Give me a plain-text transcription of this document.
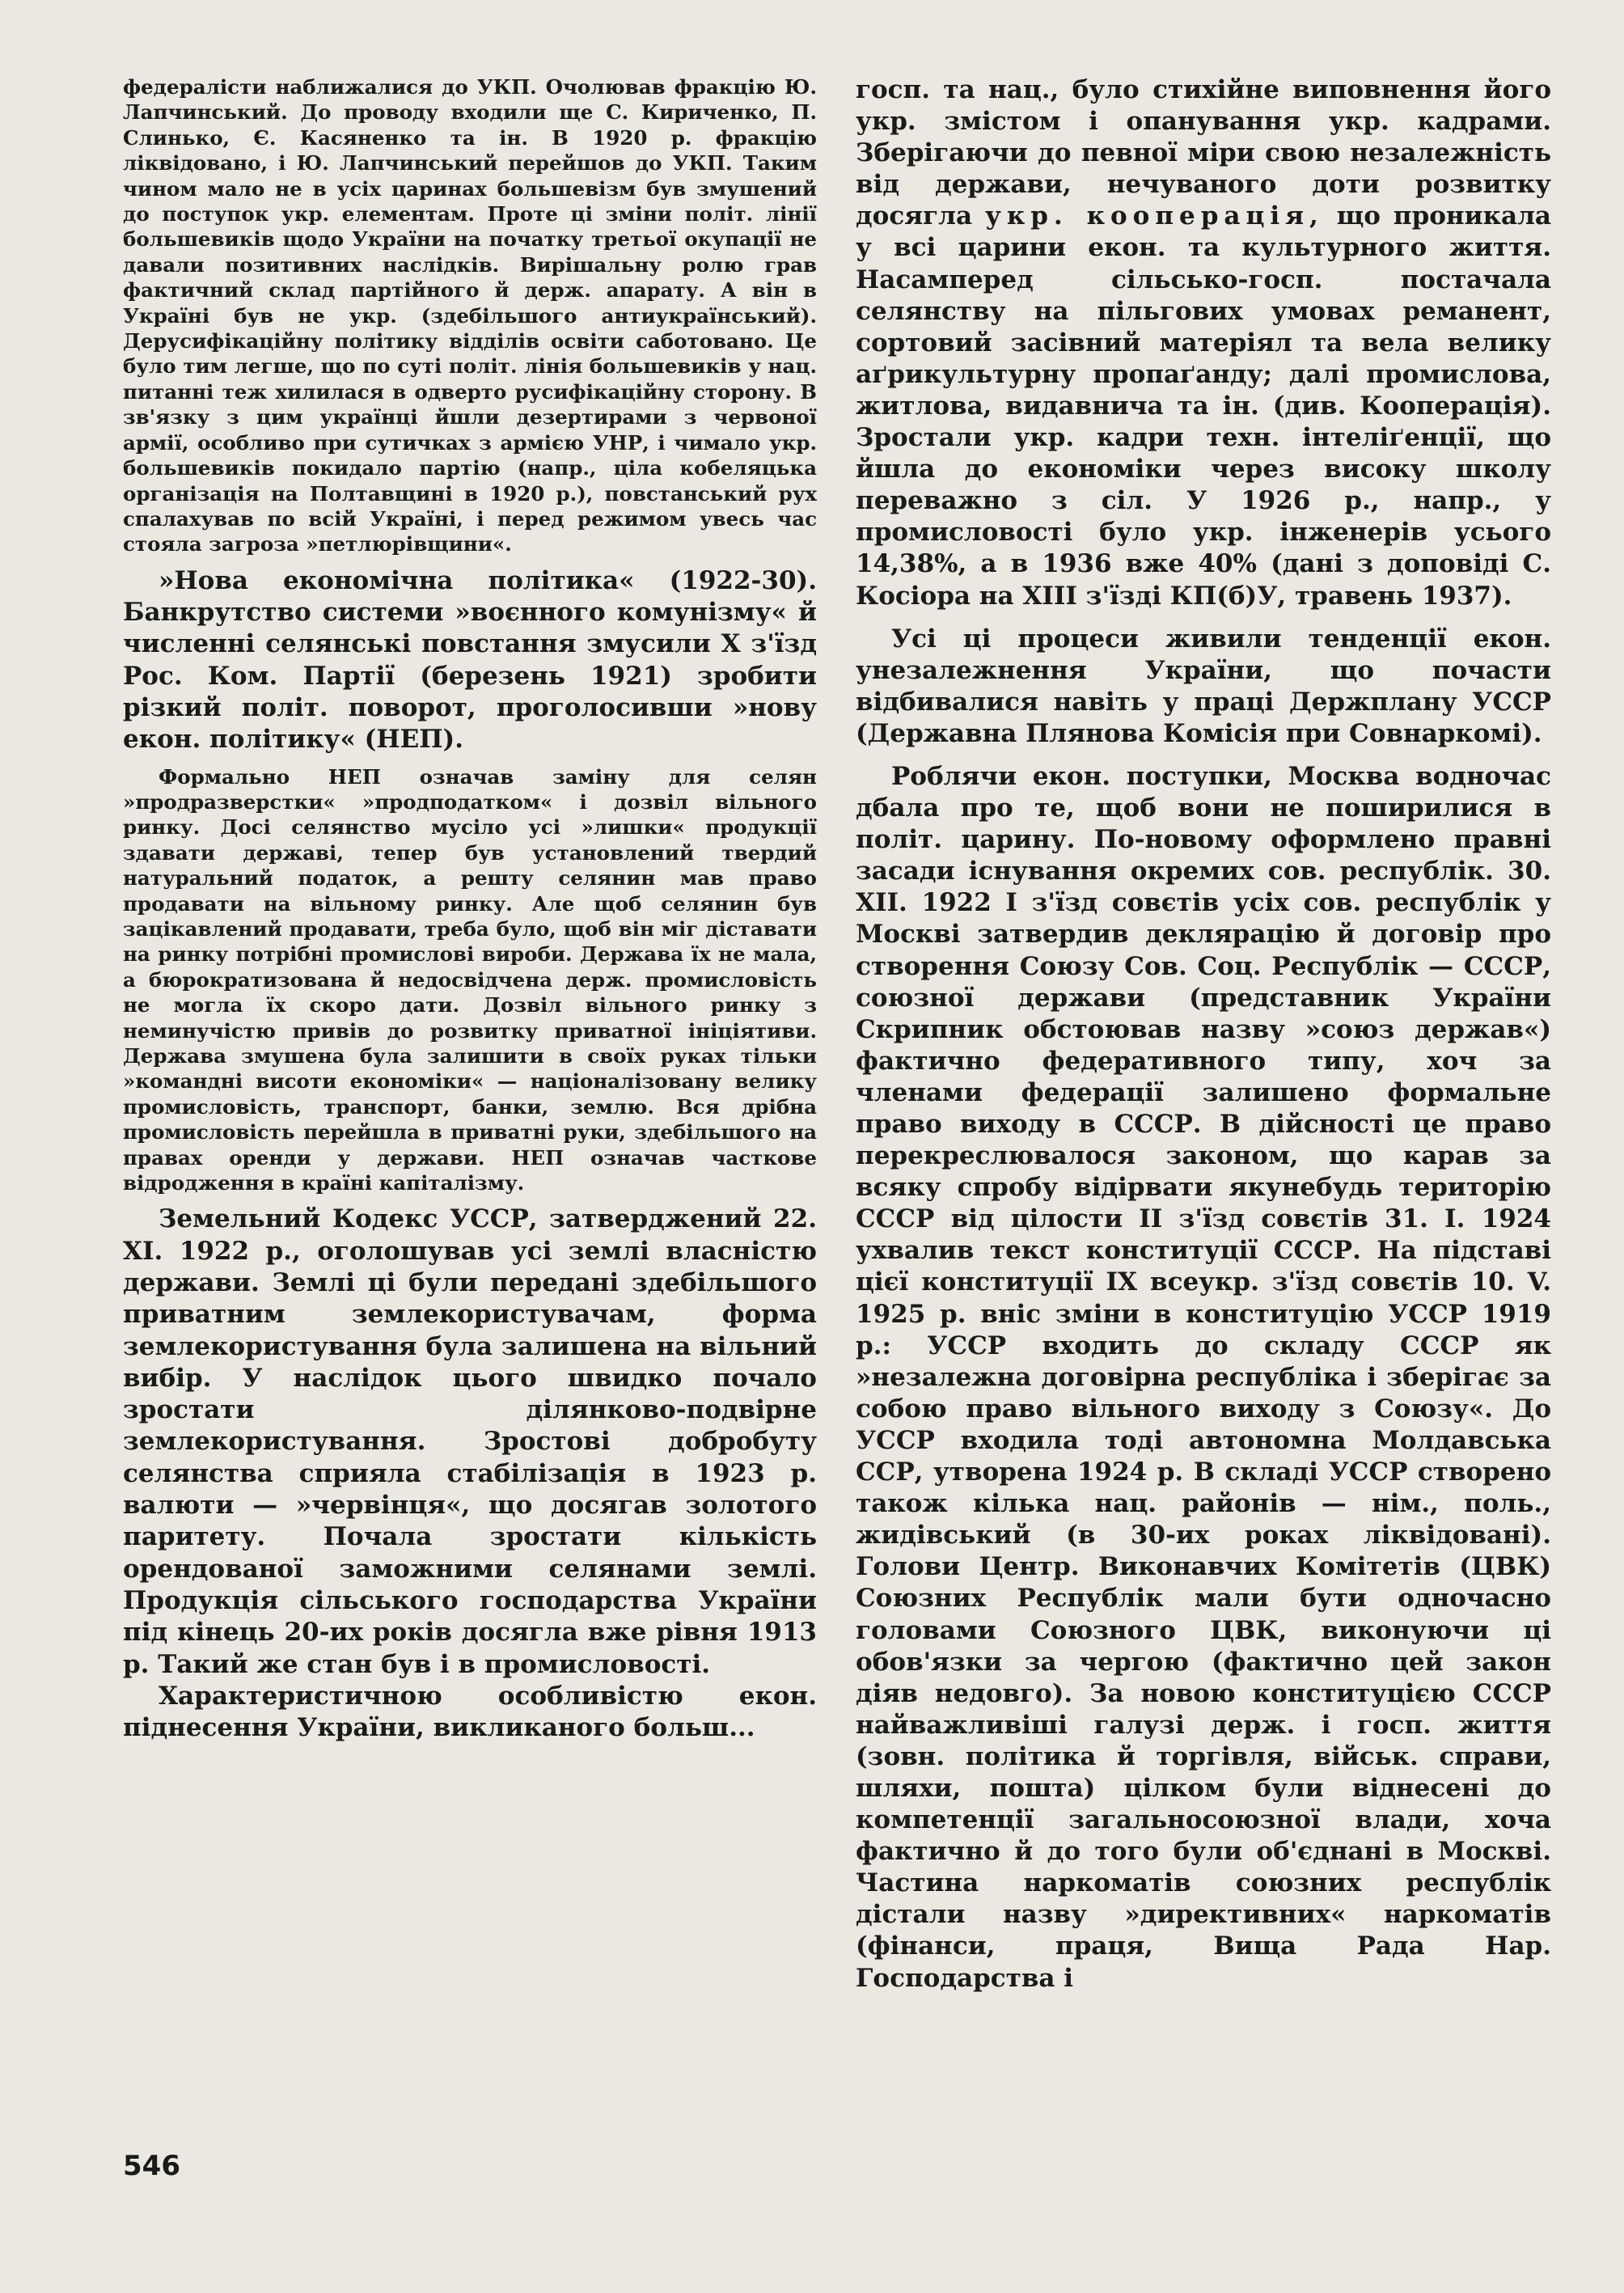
федералісти наближалися до УКП. Очолював фракцію Ю. Лапчинський. До проводу входили ще С. Кириченко, П. Слинько, Є. Касяненко та ін. В 1920 р. фракцію ліквідовано, і Ю. Лапчинський перейшов до УКП. Таким чином мало не в усіх царинах большевізм був змушений до поступок укр. елементам. Проте ці зміни політ. лінії большевиків щодо України на початку третьої окупації не давали позитивних наслідків. Вирішальну ролю грав фактичний склад партійного й держ. апарату. А він в Україні був не укр. (здебільшого антиукраїнський). Дерусифікаційну політику відділів освіти саботовано. Це було тим легше, що по суті політ. лінія большевиків у нац. питанні теж хилилася в одверто русифікаційну сторону. В зв'язку з цим українці йшли дезертирами з червоної армії, особливо при сутичках з армією УНР, і чимало укр. большевиків покидало партію (напр., ціла кобеляцька організація на Полтавщині в 1920 р.), повстанський рух спалахував по всій Україні, і перед режимом увесь час стояла загроза »петлюрівщини«.

»Нова економічна політика« (1922-30). Банкрутство системи »воєнного комунізму« й численні селянські повстання змусили X з'їзд Рос. Ком. Партії (березень 1921) зробити різкий політ. поворот, проголосивши »нову екон. політику« (НЕП).

Формально НЕП означав заміну для селян »продразверстки« »продподатком« і дозвіл вільного ринку. Досі селянство мусіло усі »лишки« продукції здавати державі, тепер був установлений твердий натуральний податок, а решту селянин мав право продавати на вільному ринку. Але щоб селянин був зацікавлений продавати, треба було, щоб він міг діставати на ринку потрібні промислові вироби. Держава їх не мала, а бюрократизована й недосвідчена держ. промисловість не могла їх скоро дати. Дозвіл вільного ринку з неминучістю привів до розвитку приватної ініціятиви. Держава змушена була залишити в своїх руках тільки »командні висоти економіки« — націоналізовану велику промисловість, транспорт, банки, землю. Вся дрібна промисловість перейшла в приватні руки, здебільшого на правах оренди у держави. НЕП означав часткове відродження в країні капіталізму.

Земельний Кодекс УССР, затверджений 22. XI. 1922 р., оголошував усі землі власністю держави. Землі ці були передані здебільшого приватним землекористувачам, форма землекористування була залишена на вільний вибір. У наслідок цього швидко почало зростати ділянково-подвірне землекористування. Зростові добробуту селянства сприяла стабілізація в 1923 р. валюти — »червінця«, що досягав золотого паритету. Почала зростати кількість орендованої заможними селянами землі. Продукція сільського господарства України під кінець 20-их років досягла вже рівня 1913 р. Такий же стан був і в промисловості.

Характеристичною особливістю екон. піднесення України, викликаного больш...

госп. та нац., було стихійне виповнення його укр. змістом і опанування укр. кадрами. Зберігаючи до певної міри свою незалежність від держави, нечуваного доти розвитку досягла укр. кооперація, що проникала у всі царини екон. та культурного життя. Насамперед сільсько-госп. постачала селянству на пільгових умовах реманент, сортовий засівний матеріял та вела велику аґрикультурну пропаґанду; далі промислова, житлова, видавнича та ін. (див. Кооперація). Зростали укр. кадри техн. інтеліґенції, що йшла до економіки через високу школу переважно з сіл. У 1926 р., напр., у промисловості було укр. інженерів усього 14,38%, а в 1936 вже 40% (дані з доповіді С. Косіора на XIII з'їзді КП(б)У, травень 1937).

Усі ці процеси живили тенденції екон. унезалежнення України, що почасти відбивалися навіть у праці Держплану УССР (Державна Плянова Комісія при Совнаркомі).

Роблячи екон. поступки, Москва водночас дбала про те, щоб вони не поширилися в політ. царину. По-новому оформлено правні засади існування окремих сов. республік. 30. XII. 1922 I з'їзд совєтів усіх сов. республік у Москві затвердив деклярацію й договір про створення Союзу Сов. Соц. Республік — СССР, союзної держави (представник України Скрипник обстоював назву »союз держав«) фактично федеративного типу, хоч за членами федерації залишено формальне право виходу в СССР. В дійсності це право перекреслювалося законом, що карав за всяку спробу відірвати якунебудь територію СССР від цілости II з'їзд совєтів 31. I. 1924 ухвалив текст конституції СССР. На підставі цієї конституції IX всеукр. з'їзд совєтів 10. V. 1925 р. вніс зміни в конституцію УССР 1919 р.: УССР входить до складу СССР як »незалежна договірна республіка і зберігає за собою право вільного виходу з Союзу«. До УССР входила тоді автономна Молдавська ССР, утворена 1924 р. В складі УССР створено також кілька нац. районів — нім., поль., жидівський (в 30-их роках ліквідовані). Голови Центр. Виконавчих Комітетів (ЦВК) Союзних Республік мали бути одночасно головами Союзного ЦВК, виконуючи ці обов'язки за чергою (фактично цей закон діяв недовго). За новою конституцією СССР найважливіші галузі держ. і госп. життя (зовн. політика й торгівля, військ. справи, шляхи, пошта) цілком були віднесені до компетенції загальносоюзної влади, хоча фактично й до того були об'єднані в Москві. Частина наркоматів союзних республік дістали назву »директивних« наркоматів (фінанси, праця, Вища Рада Нар. Господарства і

546
